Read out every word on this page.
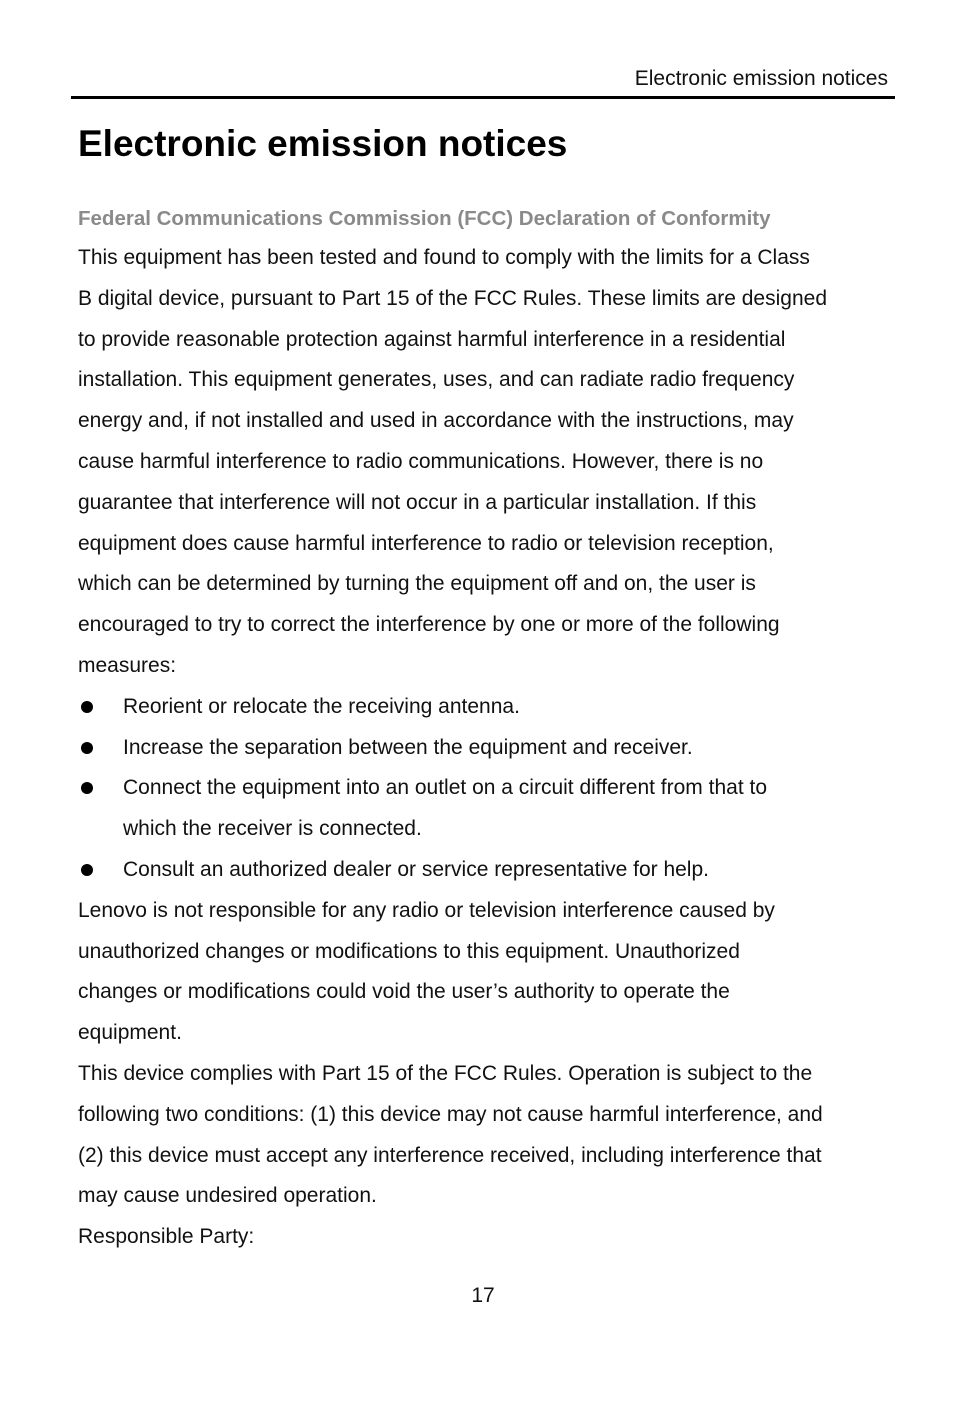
Electronic emission notices
Electronic emission notices
Federal Communications Commission (FCC) Declaration of Conformity

This equipment has been tested and found to comply with the limits for a Class
B digital device, pursuant to Part 15 of the FCC Rules. These limits are designed
to provide reasonable protection against harmful interference in a residential
installation. This equipment generates, uses, and can radiate radio frequency
energy and, if not installed and used in accordance with the instructions, may
cause harmful interference to radio communications. However, there is no
guarantee that interference will not occur in a particular installation. If this
equipment does cause harmful interference to radio or television reception,
which can be determined by turning the equipment off and on, the user is
encouraged to try to correct the interference by one or more of the following
measures:

Reorient or relocate the receiving antenna.
Increase the separation between the equipment and receiver.
Connect the equipment into an outlet on a circuit different from that to
which the receiver is connected.
Consult an authorized dealer or service representative for help.

Lenovo is not responsible for any radio or television interference caused by
unauthorized changes or modifications to this equipment. Unauthorized
changes or modifications could void the user’s authority to operate the
equipment.

This device complies with Part 15 of the FCC Rules. Operation is subject to the
following two conditions: (1) this device may not cause harmful interference, and
(2) this device must accept any interference received, including interference that
may cause undesired operation.

Responsible Party:

17
